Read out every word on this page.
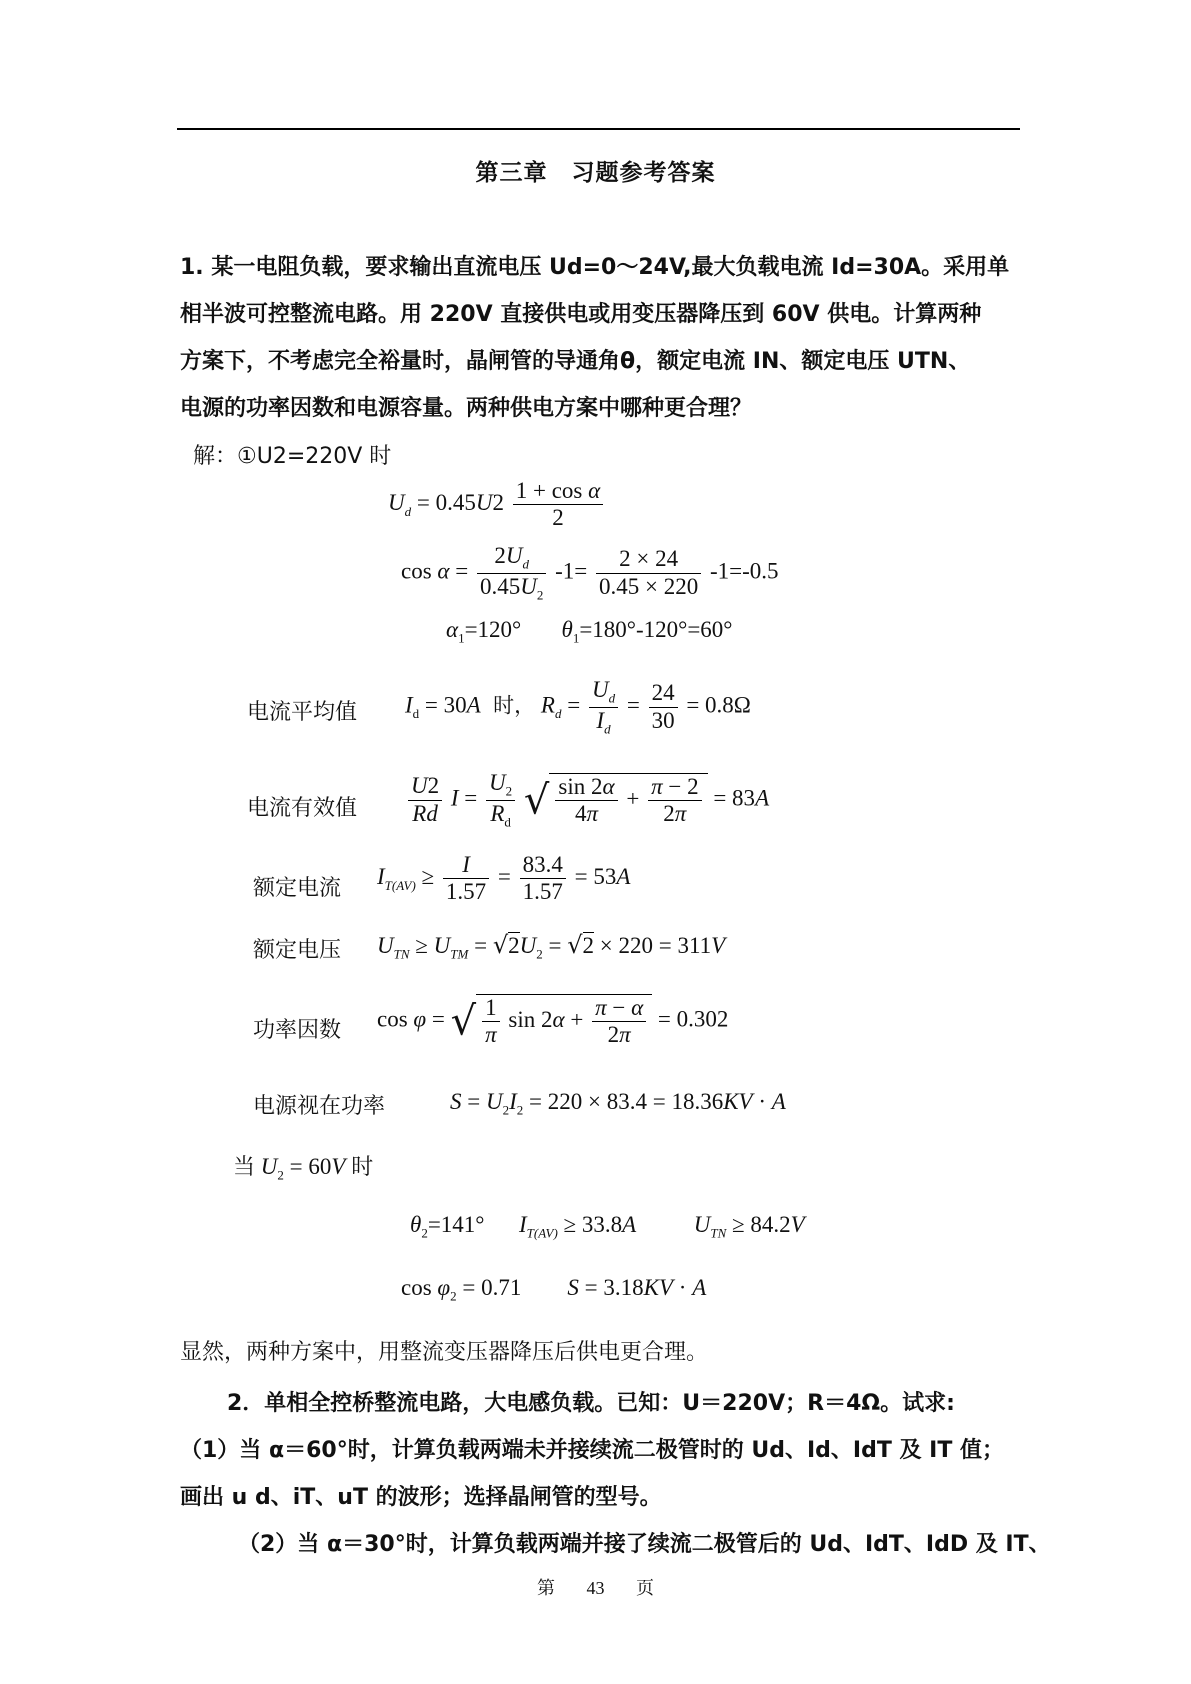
第三章　习题参考答案
1. 某一电阻负载，要求输出直流电压 Ud=0～24V,最大负载电流 Id=30A。采用单
相半波可控整流电路。用 220V 直接供电或用变压器降压到 60V 供电。计算两种
方案下，不考虑完全裕量时，晶闸管的导通角θ，额定电流 IN、额定电压 UTN、
电源的功率因数和电源容量。两种供电方案中哪种更合理？
解：①U2=220V 时
$U_d = 0.45U2 \frac{\text{1 + cos α}}{2}$
$\cos \alpha = \frac{2U_d}{0.45U_2} -1= \frac{2 \times 24}{0.45 \times 220} -1=-0.5$
$\alpha_1=120^\circ$       $\theta_1=180^\circ-120^\circ=60^\circ$
电流平均值 $I_d = 30A$  时， $R_d = \frac{U_d}{I_d} = \frac{24}{30} = 0.8\Omega$
电流有效值 $\frac{U2}{Rd}$ $I = \frac{U_2}{R_d}$ √ $\frac{\sin 2\alpha}{4\pi} + \frac{\pi - 2}{2\pi} = 83A$
额定电流 $I_{T(AV)} \ge \frac{I}{1.57} = \frac{83.4}{1.57} = 53A$
额定电压 $U_{TN} \ge U_{TM} = √2U_2 = √2 \times 220 = 311V$
功率因数 cos φ = √ $\frac{1}{\pi}$ $\sin 2\alpha + \frac{\pi - \alpha}{2\pi} = 0.302$
电源视在功率	$S = U_2I_2 = 220 \times 83.4 = 18.36KV \cdot A$
当 $U_2 = 60V$ 时
$\theta_2=141^\circ$      $I_{T(AV)} \ge 33.8A$	$U_{TN} \ge 84.2V$
$\cos \varphi_2 = 0.71$        S = 3.18KV · A
显然，两种方案中，用整流变压器降压后供电更合理。
2．单相全控桥整流电路，大电感负载。已知：U＝220V；R＝4Ω。试求:
（1）当 α＝60°时，计算负载两端未并接续流二极管时的 Ud、Id、IdT 及 IT 值；
画出 u d、iT、uT 的波形；选择晶闸管的型号。
（2）当 α＝30°时，计算负载两端并接了续流二极管后的 Ud、IdT、IdD 及 IT、
第 43 页
